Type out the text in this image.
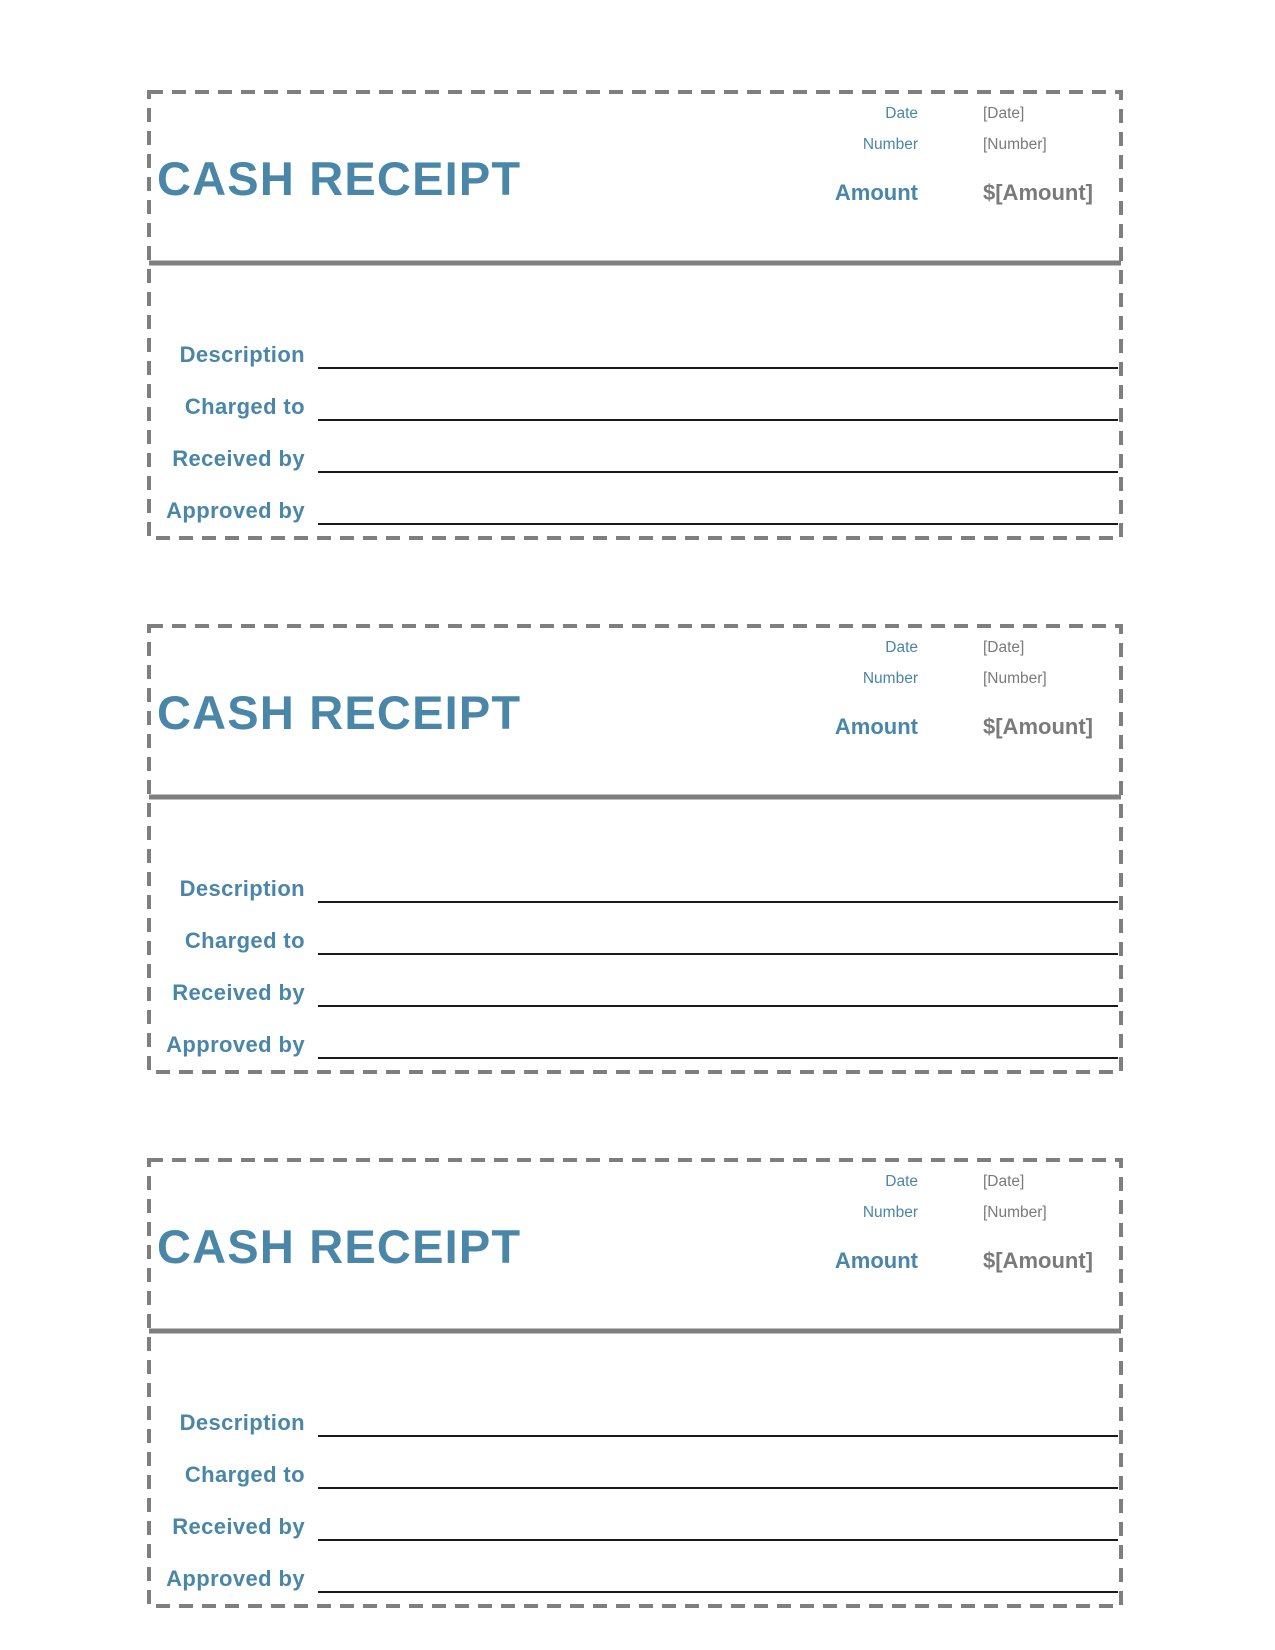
CASH RECEIPT
Date	[Date]
Number	[Number]
Amount	$[Amount]
Description
Charged to
Received by
Approved by
CASH RECEIPT
Date	[Date]
Number	[Number]
Amount	$[Amount]
Description
Charged to
Received by
Approved by
CASH RECEIPT
Date	[Date]
Number	[Number]
Amount	$[Amount]
Description
Charged to
Received by
Approved by
